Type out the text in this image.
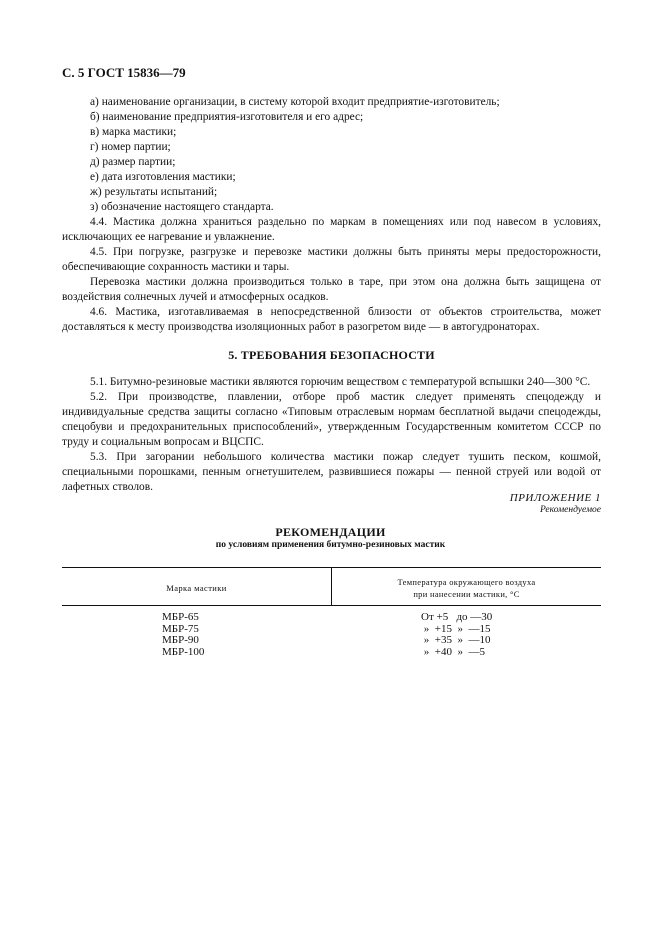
С. 5 ГОСТ 15836—79
а) наименование организации, в систему которой входит предприятие-изготовитель;
б) наименование предприятия-изготовителя и его адрес;
в) марка мастики;
г) номер партии;
д) размер партии;
е) дата изготовления мастики;
ж) результаты испытаний;
з) обозначение настоящего стандарта.

4.4. Мастика должна храниться раздельно по маркам в помещениях или под навесом в условиях, исключающих ее нагревание и увлажнение.

4.5. При погрузке, разгрузке и перевозке мастики должны быть приняты меры предосторожности, обеспечивающие сохранность мастики и тары.

Перевозка мастики должна производиться только в таре, при этом она должна быть защищена от воздействия солнечных лучей и атмосферных осадков.

4.6. Мастика, изготавливаемая в непосредственной близости от объектов строительства, может доставляться к месту производства изоляционных работ в разогретом виде — в автогудронаторах.

5. ТРЕБОВАНИЯ БЕЗОПАСНОСТИ

5.1. Битумно-резиновые мастики являются горючим веществом с температурой вспышки 240—300 °С.

5.2. При производстве, плавлении, отборе проб мастик следует применять спецодежду и индивидуальные средства защиты согласно «Типовым отраслевым нормам бесплатной выдачи спецодежды, спецобуви и предохранительных приспособлений», утвержденным Государственным комитетом СССР по труду и социальным вопросам и ВЦСПС.

5.3. При загорании небольшого количества мастики пожар следует тушить песком, кошмой, специальными порошками, пенным огнетушителем, развившиеся пожары — пенной струей или водой от лафетных стволов.

ПРИЛОЖЕНИЕ 1
Рекомендуемое
РЕКОМЕНДАЦИИ
по условиям применения битумно-резиновых мастик
Марка мастики
Температура окружающего воздуха
при нанесении мастики, °С
МБР-65	От +5   до —30
МБР-75	»  +15  »  —15
МБР-90	»  +35  »  —10
МБР-100	»  +40  »  —5
